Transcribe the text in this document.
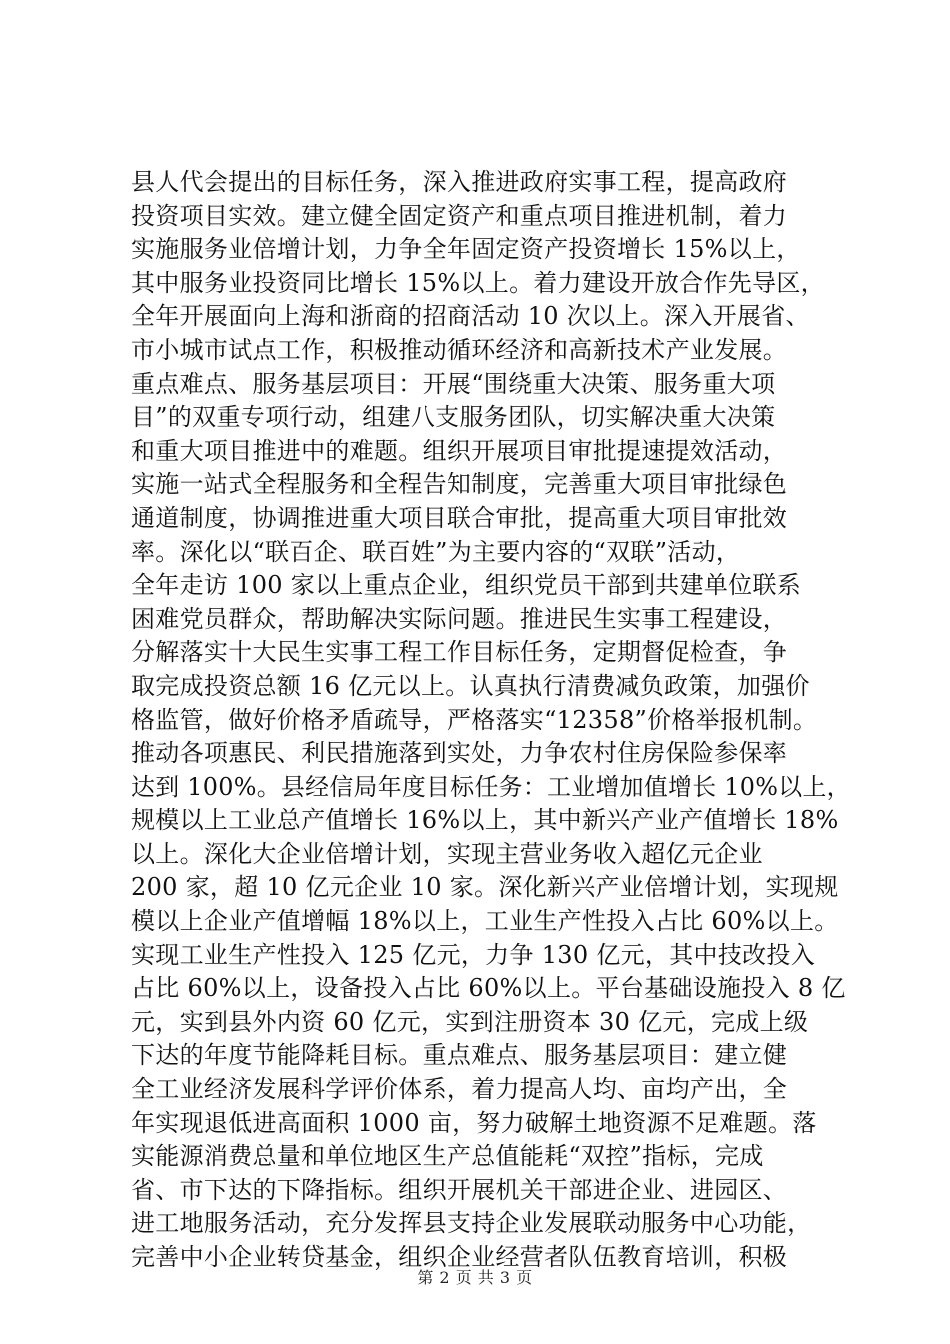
县人代会提出的目标任务，深入推进政府实事工程，提高政府
投资项目实效。建立健全固定资产和重点项目推进机制，着力
实施服务业倍增计划，力争全年固定资产投资增长 15%以上，
其中服务业投资同比增长 15%以上。着力建设开放合作先导区，
全年开展面向上海和浙商的招商活动 10 次以上。深入开展省、
市小城市试点工作，积极推动循环经济和高新技术产业发展。
重点难点、服务基层项目：开展“围绕重大决策、服务重大项
目”的双重专项行动，组建八支服务团队，切实解决重大决策
和重大项目推进中的难题。组织开展项目审批提速提效活动，
实施一站式全程服务和全程告知制度，完善重大项目审批绿色
通道制度，协调推进重大项目联合审批，提高重大项目审批效
率。深化以“联百企、联百姓”为主要内容的“双联”活动，
全年走访 100 家以上重点企业，组织党员干部到共建单位联系
困难党员群众，帮助解决实际问题。推进民生实事工程建设，
分解落实十大民生实事工程工作目标任务，定期督促检查，争
取完成投资总额 16 亿元以上。认真执行清费减负政策，加强价
格监管，做好价格矛盾疏导，严格落实“12358”价格举报机制。
推动各项惠民、利民措施落到实处，力争农村住房保险参保率
达到 100%。县经信局年度目标任务：工业增加值增长 10%以上，
规模以上工业总产值增长 16%以上，其中新兴产业产值增长 18%
以上。深化大企业倍增计划，实现主营业务收入超亿元企业
200 家，超 10 亿元企业 10 家。深化新兴产业倍增计划，实现规
模以上企业产值增幅 18%以上，工业生产性投入占比 60%以上。
实现工业生产性投入 125 亿元，力争 130 亿元，其中技改投入
占比 60%以上，设备投入占比 60%以上。平台基础设施投入 8 亿
元，实到县外内资 60 亿元，实到注册资本 30 亿元，完成上级
下达的年度节能降耗目标。重点难点、服务基层项目：建立健
全工业经济发展科学评价体系，着力提高人均、亩均产出，全
年实现退低进高面积 1000 亩，努力破解土地资源不足难题。落
实能源消费总量和单位地区生产总值能耗“双控”指标，完成
省、市下达的下降指标。组织开展机关干部进企业、进园区、
进工地服务活动，充分发挥县支持企业发展联动服务中心功能，
完善中小企业转贷基金，组织企业经营者队伍教育培训，积极
第 2 页 共 3 页
